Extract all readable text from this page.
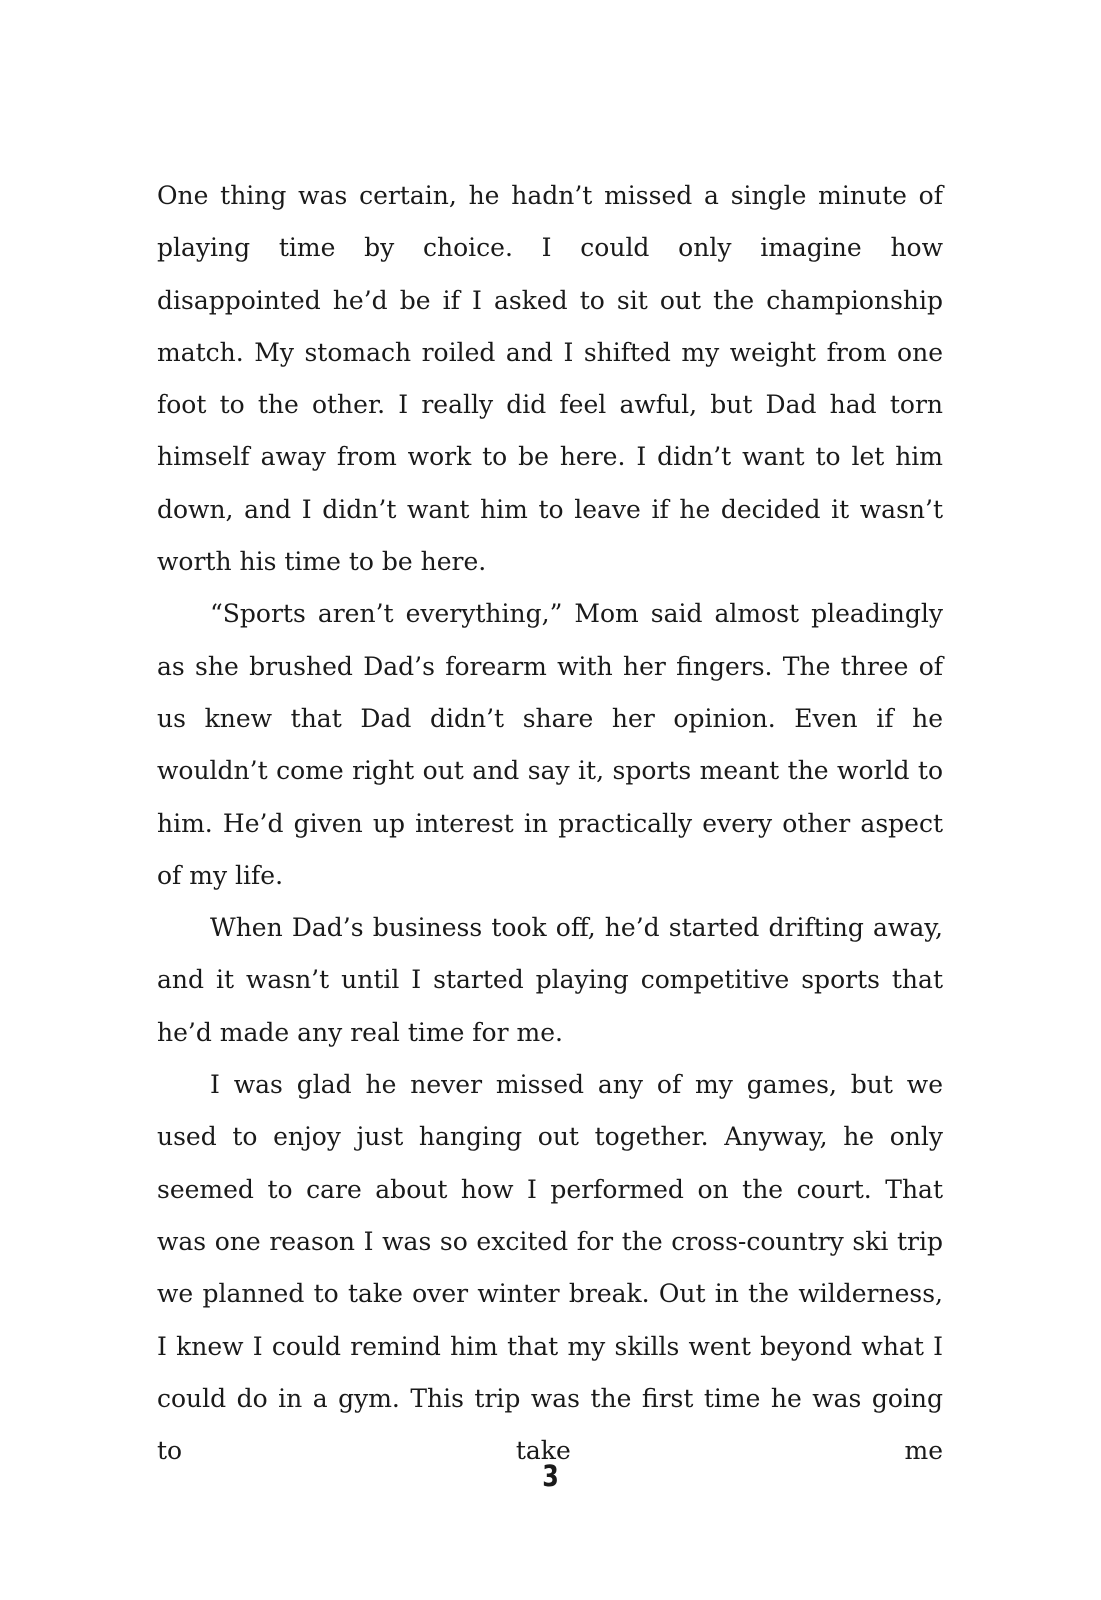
One thing was certain, he hadn’t missed a single minute of playing time by choice. I could only imagine how disappointed he’d be if I asked to sit out the championship match. My stomach roiled and I shifted my weight from one foot to the other. I really did feel awful, but Dad had torn himself away from work to be here. I didn’t want to let him down, and I didn’t want him to leave if he decided it wasn’t worth his time to be here.

“Sports aren’t everything,” Mom said almost pleadingly as she brushed Dad’s forearm with her fingers. The three of us knew that Dad didn’t share her opinion. Even if he wouldn’t come right out and say it, sports meant the world to him. He’d given up interest in practically every other aspect of my life.

When Dad’s business took off, he’d started drifting away, and it wasn’t until I started playing competitive sports that he’d made any real time for me.

I was glad he never missed any of my games, but we used to enjoy just hanging out together. Anyway, he only seemed to care about how I performed on the court. That was one reason I was so excited for the cross-country ski trip we planned to take over winter break. Out in the wilderness, I knew I could remind him that my skills went beyond what I could do in a gym. This trip was the first time he was going to take me

3
